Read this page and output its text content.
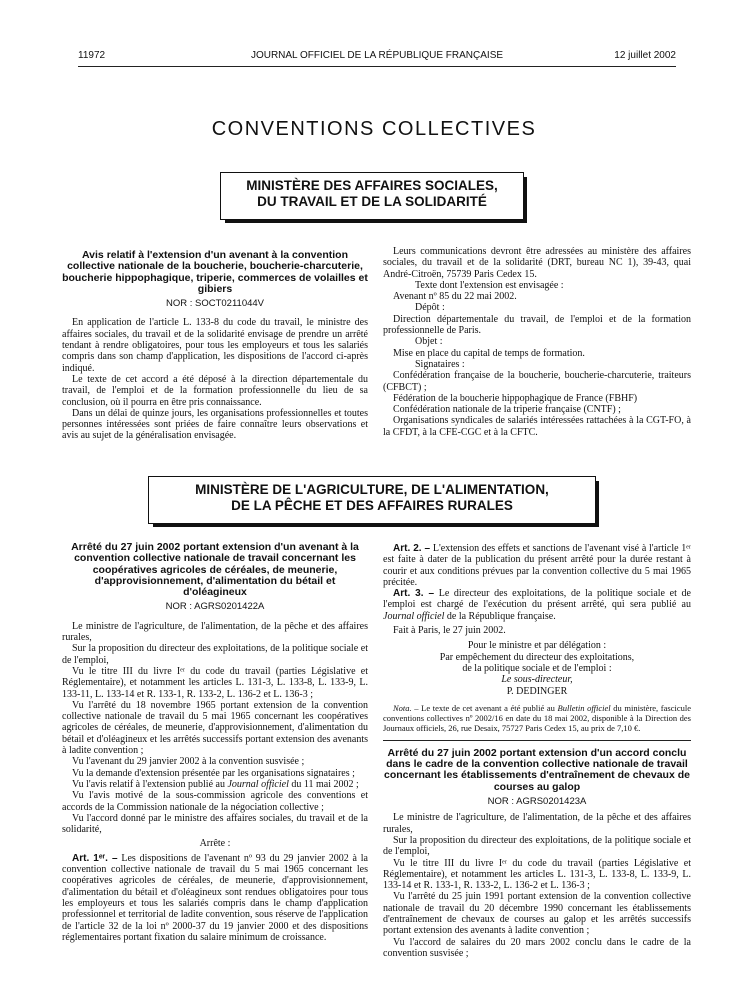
11972	JOURNAL OFFICIEL DE LA RÉPUBLIQUE FRANÇAISE	12 juillet 2002
CONVENTIONS COLLECTIVES
MINISTÈRE DES AFFAIRES SOCIALES,
DU TRAVAIL ET DE LA SOLIDARITÉ
Avis relatif à l'extension d'un avenant à la convention collective nationale de la boucherie, boucherie-charcuterie, boucherie hippophagique, triperie, commerces de volailles et gibiers
NOR : SOCT0211044V

En application de l'article L. 133-8 du code du travail, le ministre des affaires sociales, du travail et de la solidarité envisage de prendre un arrêté tendant à rendre obligatoires, pour tous les employeurs et tous les salariés compris dans son champ d'application, les dispositions de l'accord ci-après indiqué.

Le texte de cet accord a été déposé à la direction départementale du travail, de l'emploi et de la formation professionnelle du lieu de sa conclusion, où il pourra en être pris connaissance.

Dans un délai de quinze jours, les organisations professionnelles et toutes personnes intéressées sont priées de faire connaître leurs observations et avis au sujet de la généralisation envisagée.

Leurs communications devront être adressées au ministère des affaires sociales, du travail et de la solidarité (DRT, bureau NC 1), 39-43, quai André-Citroën, 75739 Paris Cedex 15.

Texte dont l'extension est envisagée :

Avenant nº 85 du 22 mai 2002.

Dépôt :

Direction départementale du travail, de l'emploi et de la formation professionnelle de Paris.

Objet :

Mise en place du capital de temps de formation.

Signataires :

Confédération française de la boucherie, boucherie-charcuterie, traiteurs (CFBCT) ;

Fédération de la boucherie hippophagique de France (FBHF)

Confédération nationale de la triperie française (CNTF) ;

Organisations syndicales de salariés intéressées rattachées à la CGT-FO, à la CFDT, à la CFE-CGC et à la CFTC.

MINISTÈRE DE L'AGRICULTURE, DE L'ALIMENTATION,
DE LA PÊCHE ET DES AFFAIRES RURALES
Arrêté du 27 juin 2002 portant extension d'un avenant à la convention collective nationale de travail concernant les coopératives agricoles de céréales, de meunerie, d'approvisionnement, d'alimentation du bétail et d'oléagineux
NOR : AGRS0201422A

Le ministre de l'agriculture, de l'alimentation, de la pêche et des affaires rurales,

Sur la proposition du directeur des exploitations, de la politique sociale et de l'emploi,

Vu le titre III du livre Iᵉʳ du code du travail (parties Législative et Réglementaire), et notamment les articles L. 131-3, L. 133-8, L. 133-9, L. 133-11, L. 133-14 et R. 133-1, R. 133-2, L. 136-2 et L. 136-3 ;

Vu l'arrêté du 18 novembre 1965 portant extension de la convention collective nationale de travail du 5 mai 1965 concernant les coopératives agricoles de céréales, de meunerie, d'approvisionnement, d'alimentation du bétail et d'oléagineux et les arrêtés successifs portant extension des avenants à ladite convention ;

Vu l'avenant du 29 janvier 2002 à la convention susvisée ;

Vu la demande d'extension présentée par les organisations signataires ;

Vu l'avis relatif à l'extension publié au Journal officiel du 11 mai 2002 ;

Vu l'avis motivé de la sous-commission agricole des conventions et accords de la Commission nationale de la négociation collective ;

Vu l'accord donné par le ministre des affaires sociales, du travail et de la solidarité,

Arrête :

Art. 1ᵉʳ. – Les dispositions de l'avenant nº 93 du 29 janvier 2002 à la convention collective nationale de travail du 5 mai 1965 concernant les coopératives agricoles de céréales, de meunerie, d'approvisionnement, d'alimentation du bétail et d'oléagineux sont rendues obligatoires pour tous les employeurs et tous les salariés compris dans le champ d'application professionnel et territorial de ladite convention, sous réserve de l'application de l'article 32 de la loi nº 2000-37 du 19 janvier 2000 et des dispositions réglementaires portant fixation du salaire minimum de croissance.

Art. 2. – L'extension des effets et sanctions de l'avenant visé à l'article 1ᵉʳ est faite à dater de la publication du présent arrêté pour la durée restant à courir et aux conditions prévues par la convention collective du 5 mai 1965 précitée.

Art. 3. – Le directeur des exploitations, de la politique sociale et de l'emploi est chargé de l'exécution du présent arrêté, qui sera publié au Journal officiel de la République française.

Fait à Paris, le 27 juin 2002.

Pour le ministre et par délégation :

Par empêchement du directeur des exploitations,

de la politique sociale et de l'emploi :

Le sous-directeur,

P. DEDINGER

Nota. – Le texte de cet avenant a été publié au Bulletin officiel du ministère, fascicule conventions collectives nº 2002/16 en date du 18 mai 2002, disponible à la Direction des Journaux officiels, 26, rue Desaix, 75727 Paris Cedex 15, au prix de 7,10 €.

Arrêté du 27 juin 2002 portant extension d'un accord conclu dans le cadre de la convention collective nationale de travail concernant les établissements d'entraînement de chevaux de courses au galop
NOR : AGRS0201423A

Le ministre de l'agriculture, de l'alimentation, de la pêche et des affaires rurales,

Sur la proposition du directeur des exploitations, de la politique sociale et de l'emploi,

Vu le titre III du livre Iᵉʳ du code du travail (parties Législative et Réglementaire), et notamment les articles L. 131-3, L. 133-8, L. 133-9, L. 133-14 et R. 133-1, R. 133-2, L. 136-2 et L. 136-3 ;

Vu l'arrêté du 25 juin 1991 portant extension de la convention collective nationale de travail du 20 décembre 1990 concernant les établissements d'entraînement de chevaux de courses au galop et les arrêtés successifs portant extension des avenants à ladite convention ;

Vu l'accord de salaires du 20 mars 2002 conclu dans le cadre de la convention susvisée ;
